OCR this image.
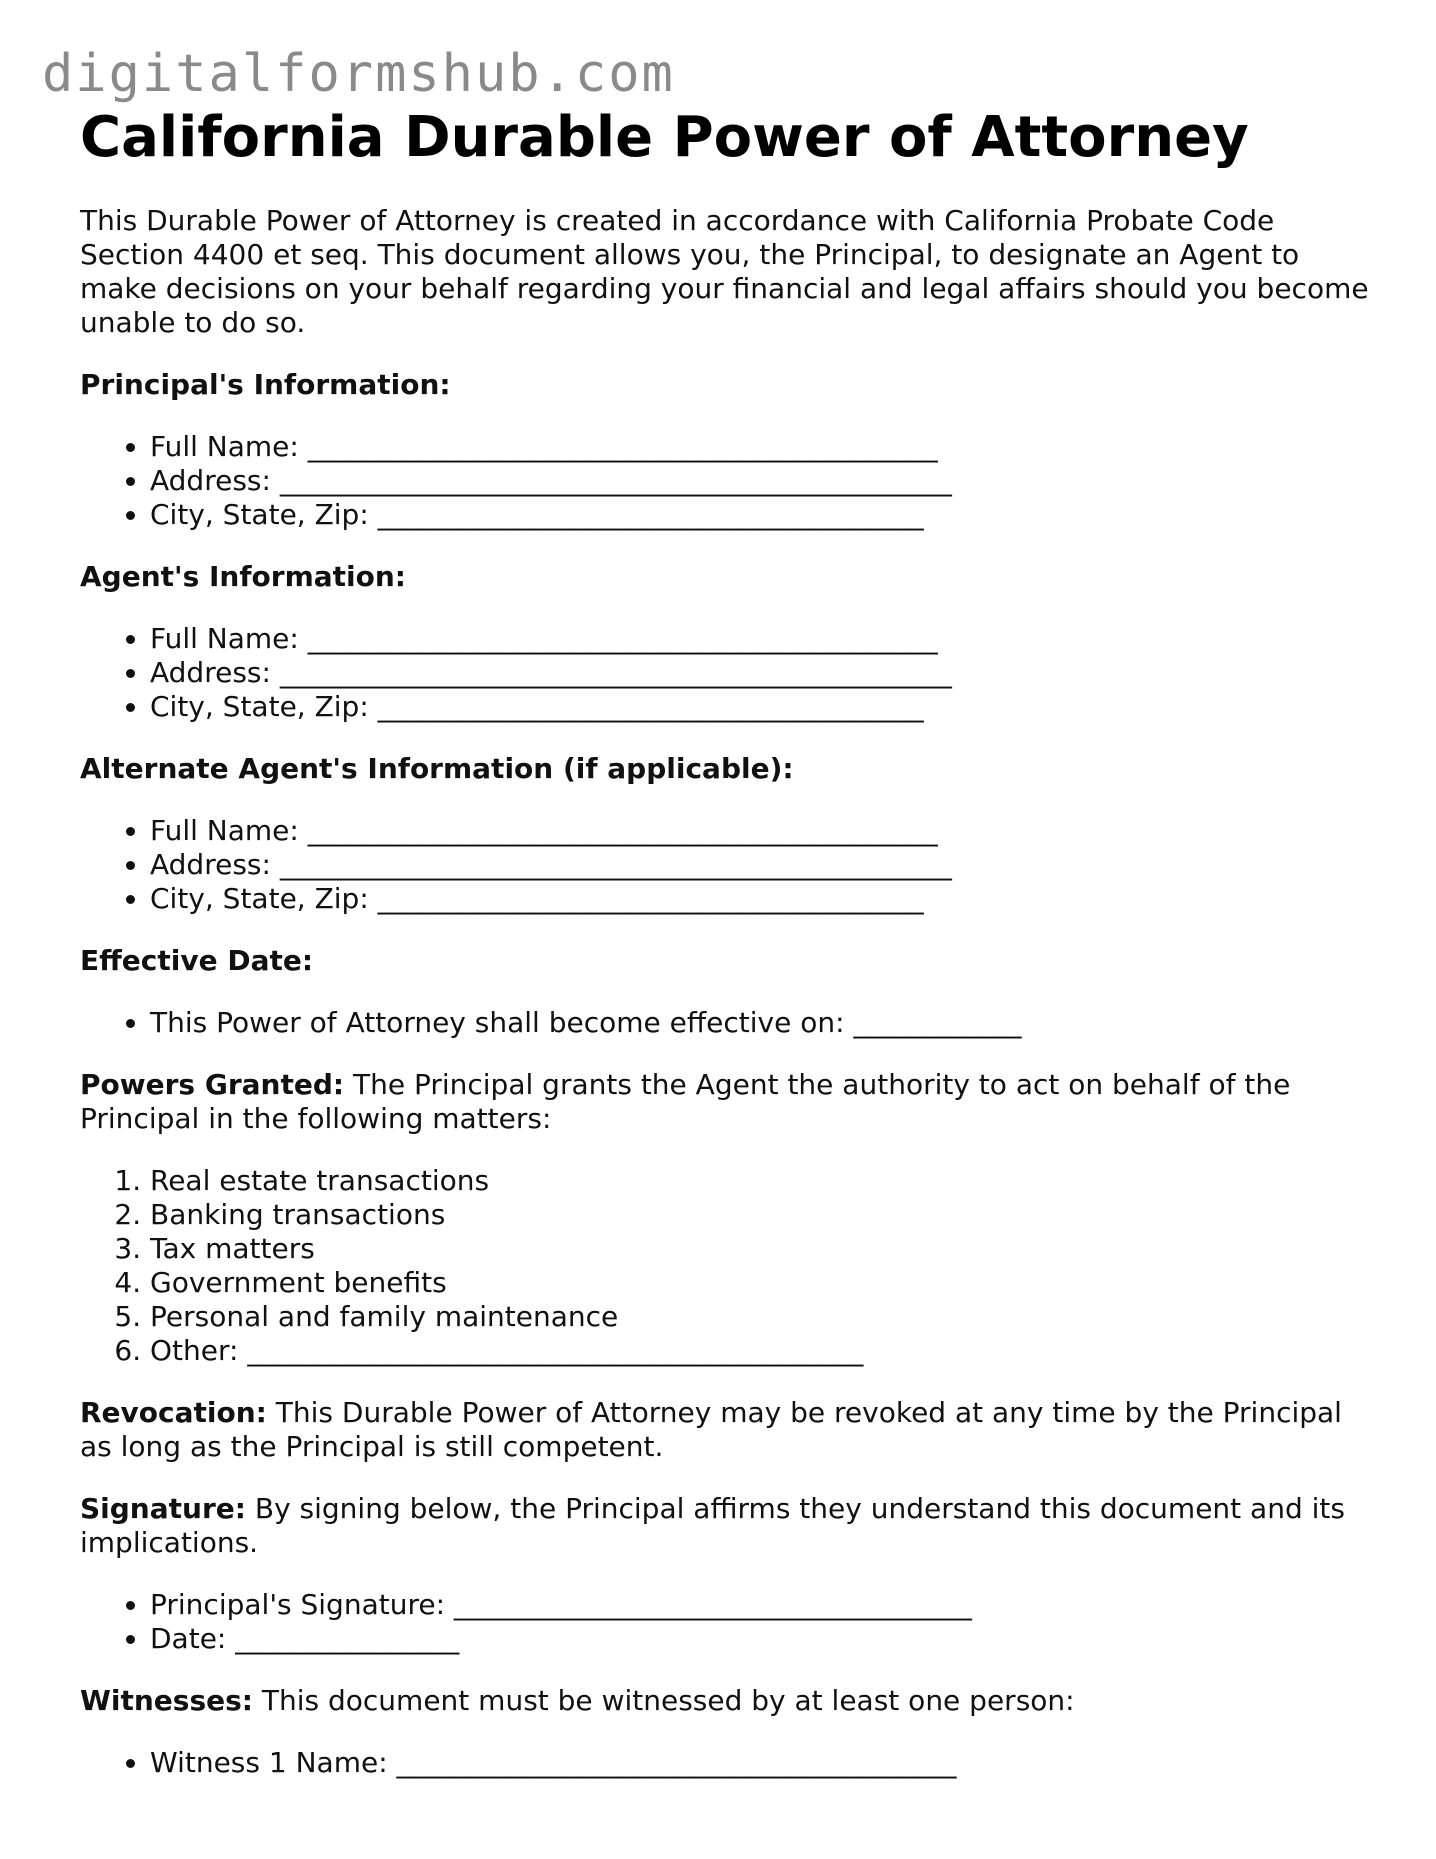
digitalformshub.com
California Durable Power of Attorney

This Durable Power of Attorney is created in accordance with California Probate Code Section 4400 et seq. This document allows you, the Principal, to designate an Agent to make decisions on your behalf regarding your financial and legal affairs should you become unable to do so.

Principal's Information:

• Full Name: _____________________________________________
• Address: ________________________________________________
• City, State, Zip: _______________________________________

Agent's Information:

• Full Name: _____________________________________________
• Address: ________________________________________________
• City, State, Zip: _______________________________________

Alternate Agent's Information (if applicable):

• Full Name: _____________________________________________
• Address: ________________________________________________
• City, State, Zip: _______________________________________

Effective Date:

• This Power of Attorney shall become effective on: ____________

Powers Granted: The Principal grants the Agent the authority to act on behalf of the Principal in the following matters:

1. Real estate transactions
2. Banking transactions
3. Tax matters
4. Government benefits
5. Personal and family maintenance
6. Other: ____________________________________________

Revocation: This Durable Power of Attorney may be revoked at any time by the Principal as long as the Principal is still competent.

Signature: By signing below, the Principal affirms they understand this document and its implications.

• Principal's Signature: _____________________________________
• Date: ________________

Witnesses: This document must be witnessed by at least one person:

• Witness 1 Name: ________________________________________
